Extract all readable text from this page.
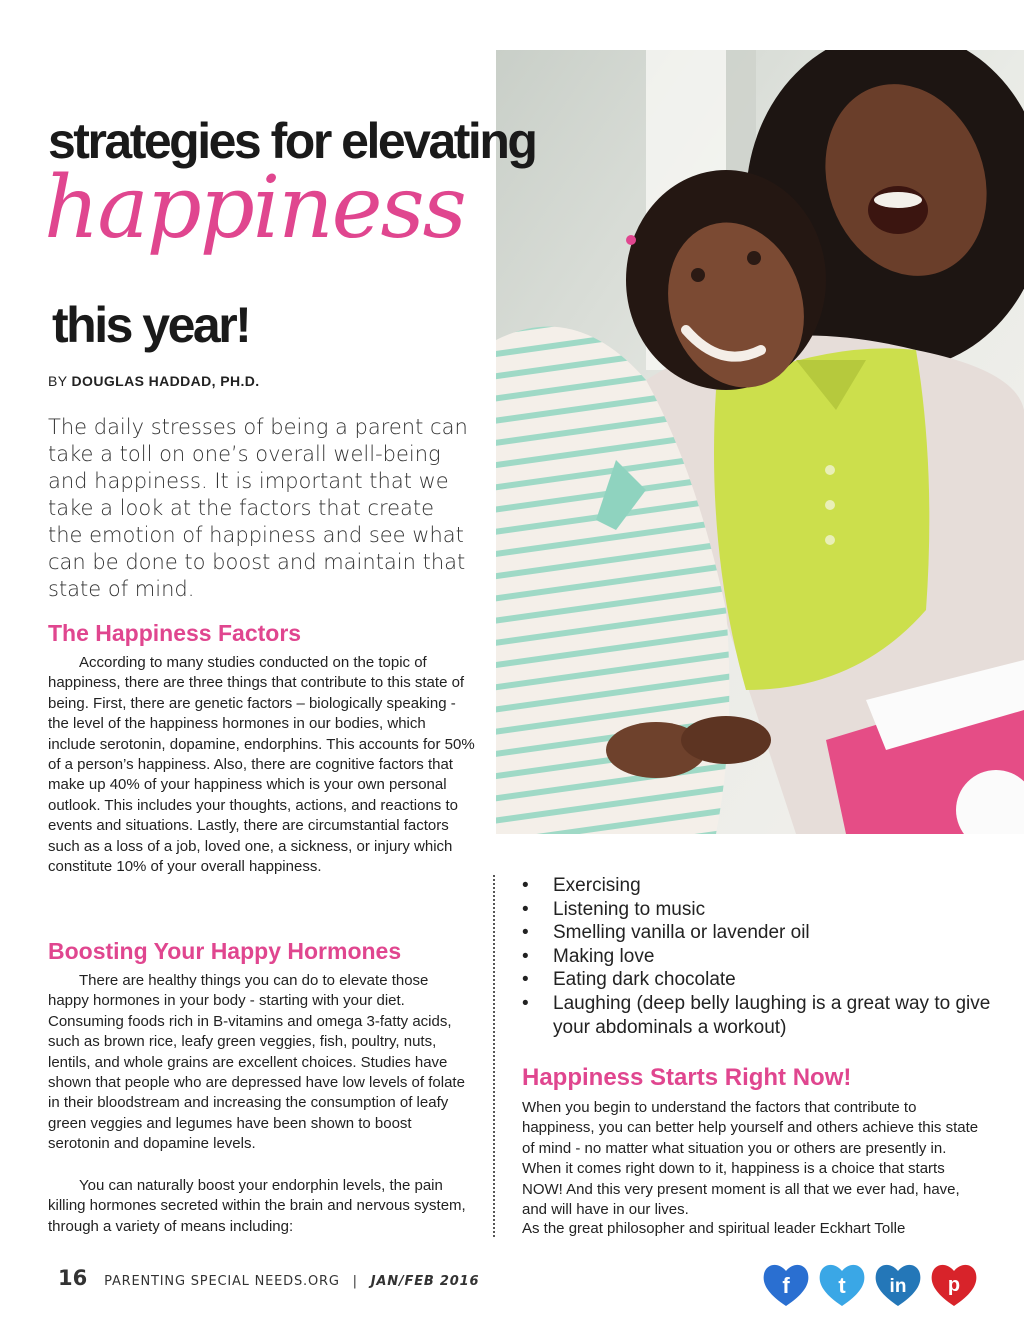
strategies for elevating
happiness
this year!
BY DOUGLAS HADDAD, PH.D.

The daily stresses of being a parent can take a toll on one’s overall well-being and happiness. It is important that we take a look at the factors that create the emotion of happiness and see what can be done to boost and maintain that state of mind.

The Happiness Factors

According to many studies conducted on the topic of happiness, there are three things that contribute to this state of being. First, there are genetic factors – biologically speaking - the level of the happiness hormones in our bodies, which include serotonin, dopamine, endorphins. This accounts for 50% of a person’s happiness. Also, there are cognitive factors that make up 40% of your happiness which is your own personal outlook. This includes your thoughts, actions, and reactions to events and situations. Lastly, there are circumstantial factors such as a loss of a job, loved one, a sickness, or injury which constitute 10% of your overall happiness.

Boosting Your Happy Hormones

There are healthy things you can do to elevate those happy hormones in your body - starting with your diet. Consuming foods rich in B-vitamins and omega 3-fatty acids, such as brown rice, leafy green veggies, fish, poultry, nuts, lentils, and whole grains are excellent choices. Studies have shown that people who are depressed have low levels of folate in their bloodstream and increasing the consumption of leafy green veggies and legumes have been shown to boost serotonin and dopamine levels.

You can naturally boost your endorphin levels, the pain killing hormones secreted within the brain and nervous system, through a variety of means including:

• Exercising
• Listening to music
• Smelling vanilla or lavender oil
• Making love
• Eating dark chocolate
• Laughing (deep belly laughing is a great way to give your abdominals a workout)
Happiness Starts Right Now!

When you begin to understand the factors that contribute to happiness, you can better help yourself and others achieve this state of mind - no matter what situation you or others are presently in. When it comes right down to it, happiness is a choice that starts NOW! And this very present moment is all that we ever had, have, and will have in our lives.

As the great philosopher and spiritual leader Eckhart Tolle

16 PARENTING SPECIAL NEEDS.ORG | JAN/FEB 2016	f t in p
